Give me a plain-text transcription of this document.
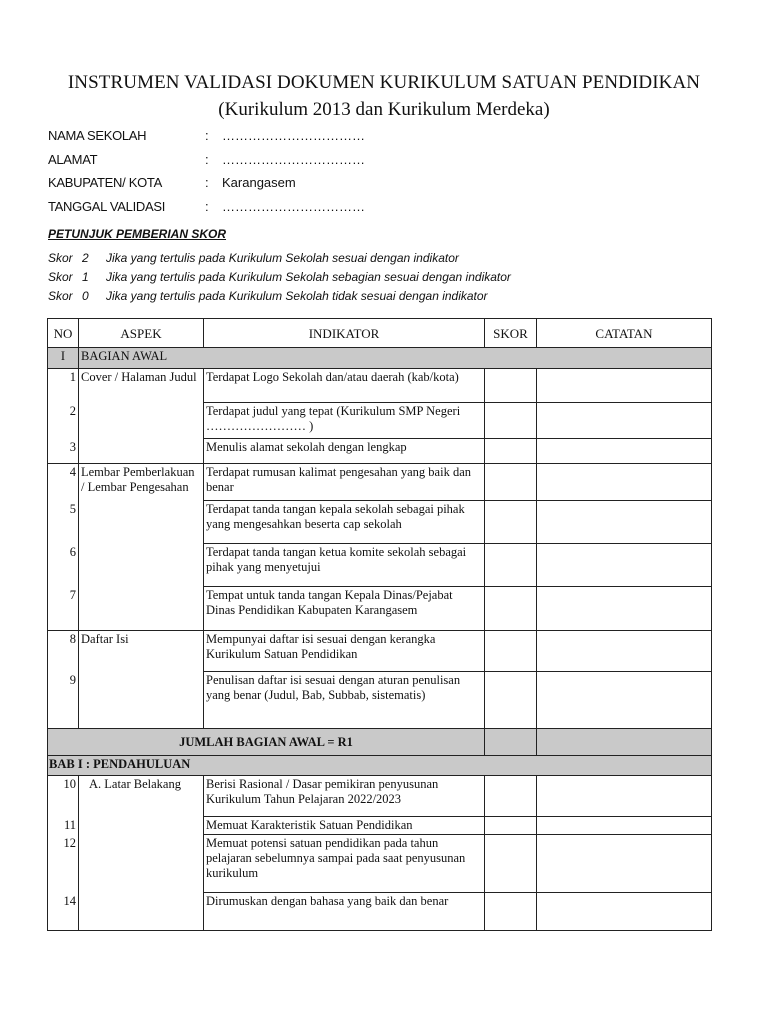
INSTRUMEN VALIDASI DOKUMEN KURIKULUM SATUAN PENDIDIKAN
(Kurikulum 2013 dan Kurikulum Merdeka)
NAMA SEKOLAH	: ……………………………
ALAMAT	: ……………………………
KABUPATEN/ KOTA	: Karangasem
TANGGAL VALIDASI	: ……………………………
PETUNJUK PEMBERIAN SKOR
Skor 2 Jika yang tertulis pada Kurikulum Sekolah sesuai dengan indikator
Skor 1 Jika yang tertulis pada Kurikulum Sekolah sebagian sesuai dengan indikator
Skor 0 Jika yang tertulis pada Kurikulum Sekolah tidak sesuai dengan indikator
NO	ASPEK	INDIKATOR	SKOR	CATATAN
I	BAGIAN AWAL			
1	Cover / Halaman Judul	Terdapat Logo Sekolah dan/atau daerah (kab/kota)		
2		Terdapat judul yang tepat (Kurikulum SMP Negeri …………………… )		
3		Menulis alamat sekolah dengan lengkap		
4	Lembar Pemberlakuan / Lembar Pengesahan	Terdapat rumusan kalimat pengesahan yang baik dan benar		
5		Terdapat tanda tangan kepala sekolah sebagai pihak yang mengesahkan beserta cap sekolah		
6		Terdapat tanda tangan ketua komite sekolah sebagai pihak yang menyetujui		
7		Tempat untuk tanda tangan Kepala Dinas/Pejabat Dinas Pendidikan Kabupaten Karangasem		
8	Daftar Isi	Mempunyai daftar isi sesuai dengan kerangka Kurikulum Satuan Pendidikan		
9		Penulisan daftar isi sesuai dengan aturan penulisan yang benar (Judul, Bab, Subbab, sistematis)		
JUMLAH BAGIAN AWAL = R1				
BAB I : PENDAHULUAN				
10	A. Latar Belakang	Berisi Rasional / Dasar pemikiran penyusunan Kurikulum Tahun Pelajaran 2022/2023		
11		Memuat Karakteristik Satuan Pendidikan		
12		Memuat potensi satuan pendidikan pada tahun pelajaran sebelumnya sampai pada saat penyusunan kurikulum		
14		Dirumuskan dengan bahasa yang baik dan benar		
